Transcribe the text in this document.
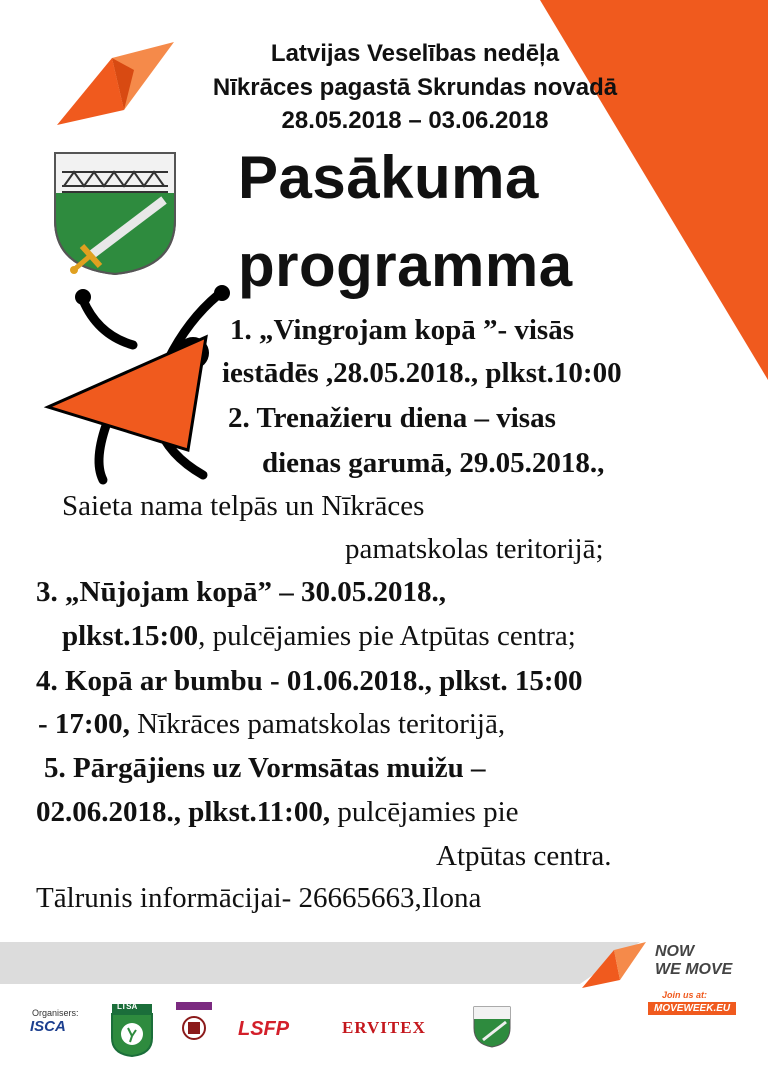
Latvijas Veselības nedēļa
Nīkrāces pagastā Skrundas novadā
28.05.2018 – 03.06.2018
Pasākuma
programma
1. „Vingrojam kopā ”- visās
iestādēs ,28.05.2018., plkst.10:00
2. Trenažieru diena – visas
dienas garumā, 29.05.2018.,
Saieta nama telpās un Nīkrāces
pamatskolas teritorijā;
3. „Nūjojam kopā” – 30.05.2018.,
plkst.15:00, pulcējamies pie Atpūtas centra;
4. Kopā ar bumbu - 01.06.2018., plkst. 15:00
- 17:00, Nīkrāces pamatskolas teritorijā,
5. Pārgājiens uz Vormsātas muižu –
02.06.2018., plkst.11:00, pulcējamies pie
Atpūtas centra.
Tālrunis informācijai- 26665663,Ilona
NOW
WE MOVE
Join us at:
MOVEWEEK.EU
Organisers:
ISCA
LTSA
LSFP	ERVITEX
